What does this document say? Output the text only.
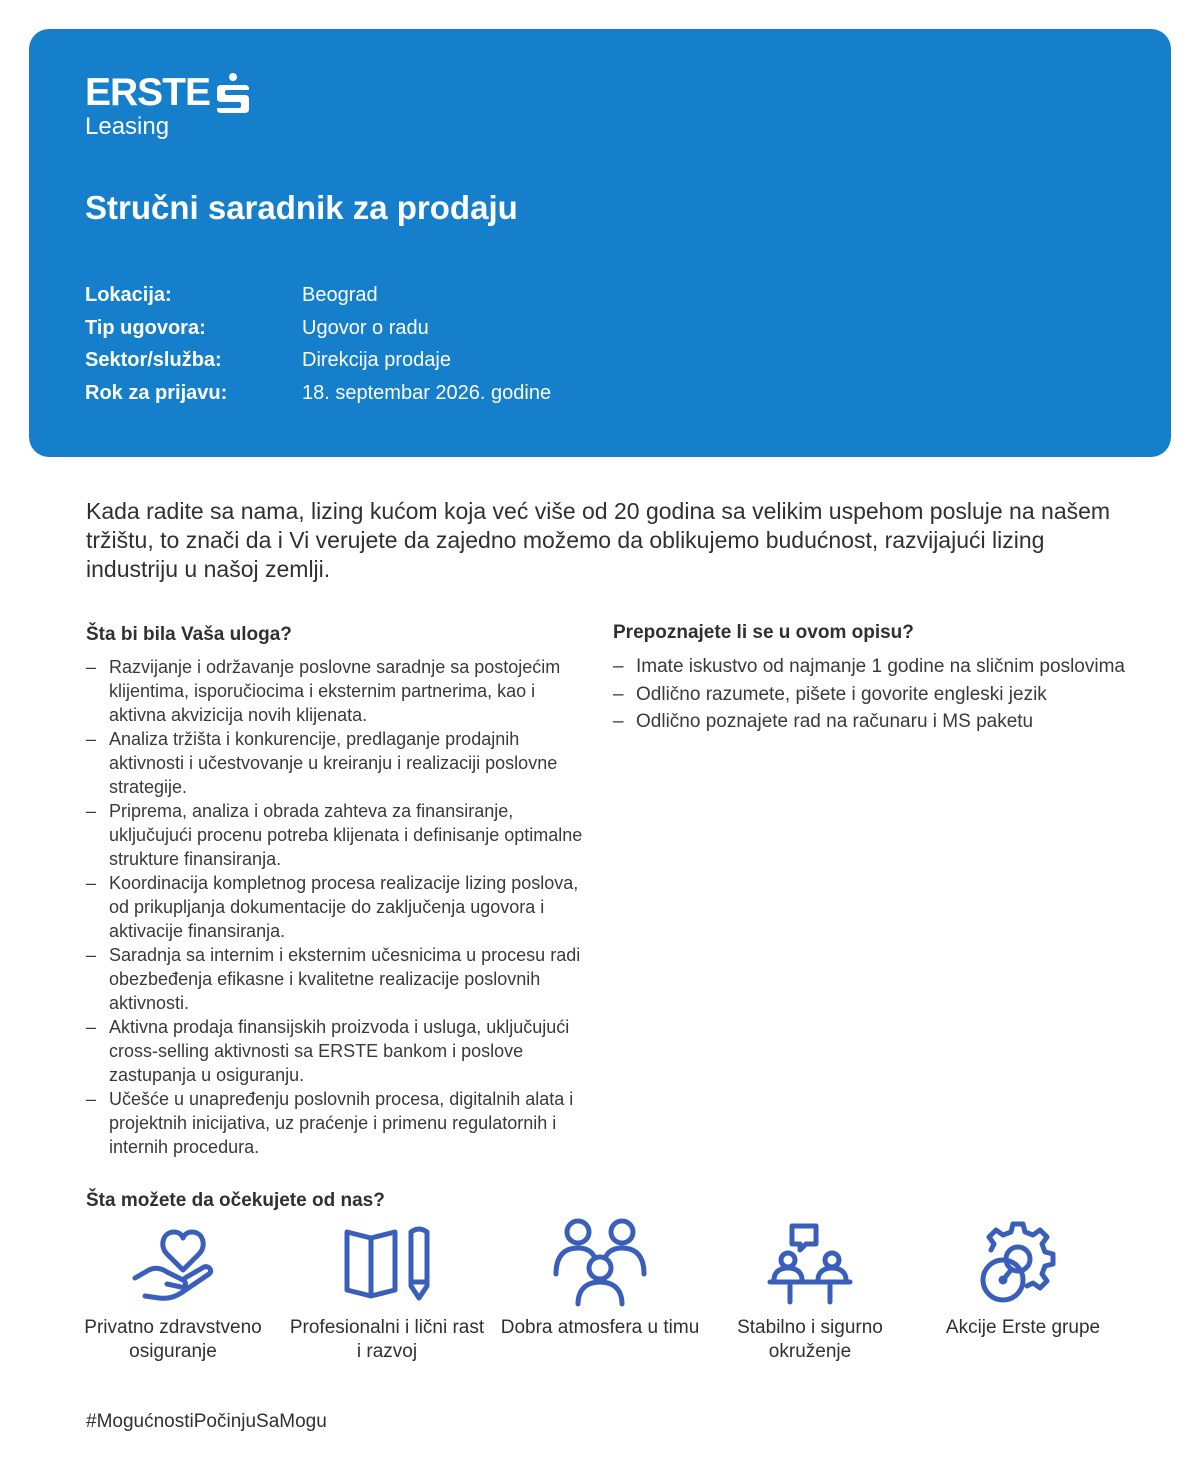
ERSTE
Leasing
Stručni saradnik za prodaju
Lokacija:	Beograd
Tip ugovora:	Ugovor o radu
Sektor/služba:	Direkcija prodaje
Rok za prijavu:	18. septembar 2026. godine

Kada radite sa nama, lizing kućom koja već više od 20 godina sa velikim uspehom posluje na našem tržištu, to znači da i Vi verujete da zajedno možemo da oblikujemo budućnost, razvijajući lizing industriju u našoj zemlji.

Šta bi bila Vaša uloga?
– Razvijanje i održavanje poslovne saradnje sa postojećim klijentima, isporučiocima i eksternim partnerima, kao i aktivna akvizicija novih klijenata.
– Analiza tržišta i konkurencije, predlaganje prodajnih aktivnosti i učestvovanje u kreiranju i realizaciji poslovne strategije.
– Priprema, analiza i obrada zahteva za finansiranje, uključujući procenu potreba klijenata i definisanje optimalne strukture finansiranja.
– Koordinacija kompletnog procesa realizacije lizing poslova, od prikupljanja dokumentacije do zaključenja ugovora i aktivacije finansiranja.
– Saradnja sa internim i eksternim učesnicima u procesu radi obezbeđenja efikasne i kvalitetne realizacije poslovnih aktivnosti.
– Aktivna prodaja finansijskih proizvoda i usluga, uključujući cross-selling aktivnosti sa ERSTE bankom i poslove zastupanja u osiguranju.
– Učešće u unapređenju poslovnih procesa, digitalnih alata i projektnih inicijativa, uz praćenje i primenu regulatornih i internih procedura.
Prepoznajete li se u ovom opisu?
– Imate iskustvo od najmanje 1 godine na sličnim poslovima
– Odlično razumete, pišete i govorite engleski jezik
– Odlično poznajete rad na računaru i MS paketu
Šta možete da očekujete od nas?
Privatno zdravstveno osiguranje
Profesionalni i lični rast i razvoj
Dobra atmosfera u timu	Stabilno i sigurno okruženje
Akcije Erste grupe
#MogućnostiPočinjuSaMogu
